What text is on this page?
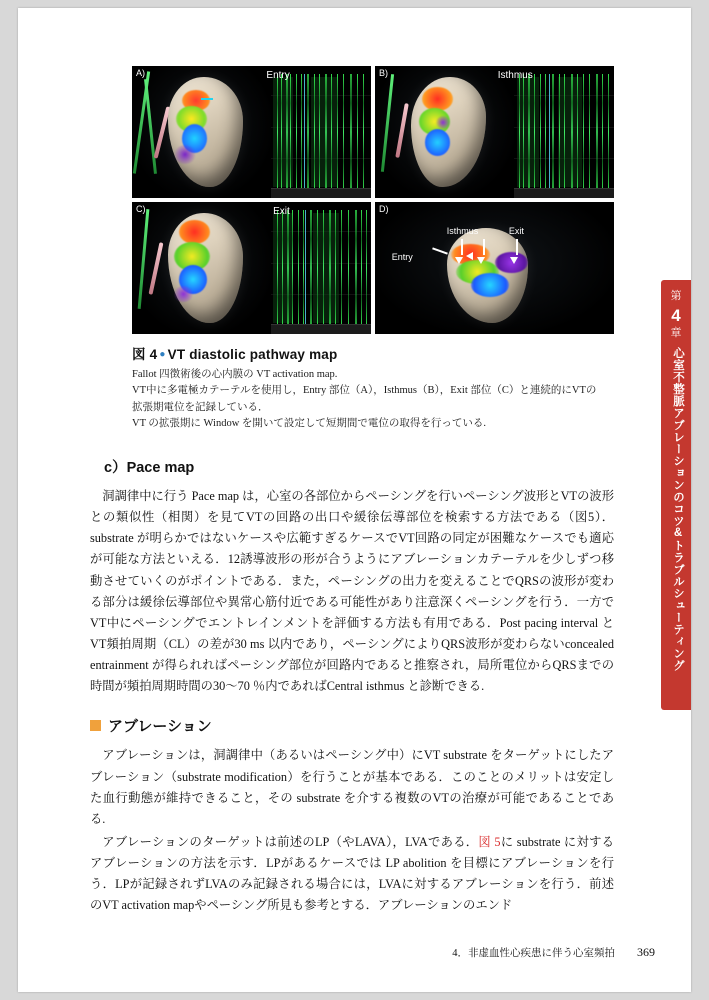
A)	Entry	B)	Isthmus
C)	Exit	D)
Entry
Isthmus	Exit
図 4 ● VT diastolic pathway map
Fallot 四徴術後の心内膜の VT activation map.
VT中に多電極カテーテルを使用し，Entry 部位（A），Isthmus（B），Exit 部位（C）と連続的にVTの
拡張期電位を記録している．
VT の拡張期に Window を開いて設定して短期間で電位の取得を行っている.
c）Pace map

洞調律中に行う Pace map は，心室の各部位からペーシングを行いペーシング波形とVTの波形との類似性（相関）を見てVTの回路の出口や緩徐伝導部位を検索する方法である（図5）．substrate が明らかではないケースや広範すぎるケースでVT回路の同定が困難なケースでも適応が可能な方法といえる．12誘導波形の形が合うようにアブレーションカテーテルを少しずつ移動させていくのがポイントである．また，ペーシングの出力を変えることでQRSの波形が変わる部分は緩徐伝導部位や異常心筋付近である可能性があり注意深くペーシングを行う．一方でVT中にペーシングでエントレインメントを評価する方法も有用である．Post pacing interval とVT頻拍周期（CL）の差が30 ms 以内であり，ペーシングによりQRS波形が変わらないconcealed entrainment が得られればペーシング部位が回路内であると推察され，局所電位からQRSまでの時間が頻拍周期時間の30〜70 ％内であればCentral isthmus と診断できる.

アブレーション

アブレーションは，洞調律中（あるいはペーシング中）にVT substrate をターゲットにしたアブレーション（substrate modification）を行うことが基本である．このことのメリットは安定した血行動態が維持できること，その substrate を介する複数のVTの治療が可能であることである.

アブレーションのターゲットは前述のLP（やLAVA），LVAである．図 5に substrate に対するアブレーションの方法を示す．LPがあるケースでは LP abolition を目標にアブレーションを行う．LPが記録されずLVAのみ記録される場合には，LVAに対するアブレーションを行う．前述のVT activation mapやペーシング所見も参考とする．アブレーションのエンド

4．非虚血性心疾患に伴う心室頻拍 369
第
4
章
心室不整脈アブレーションのコツ&トラブルシューティング
